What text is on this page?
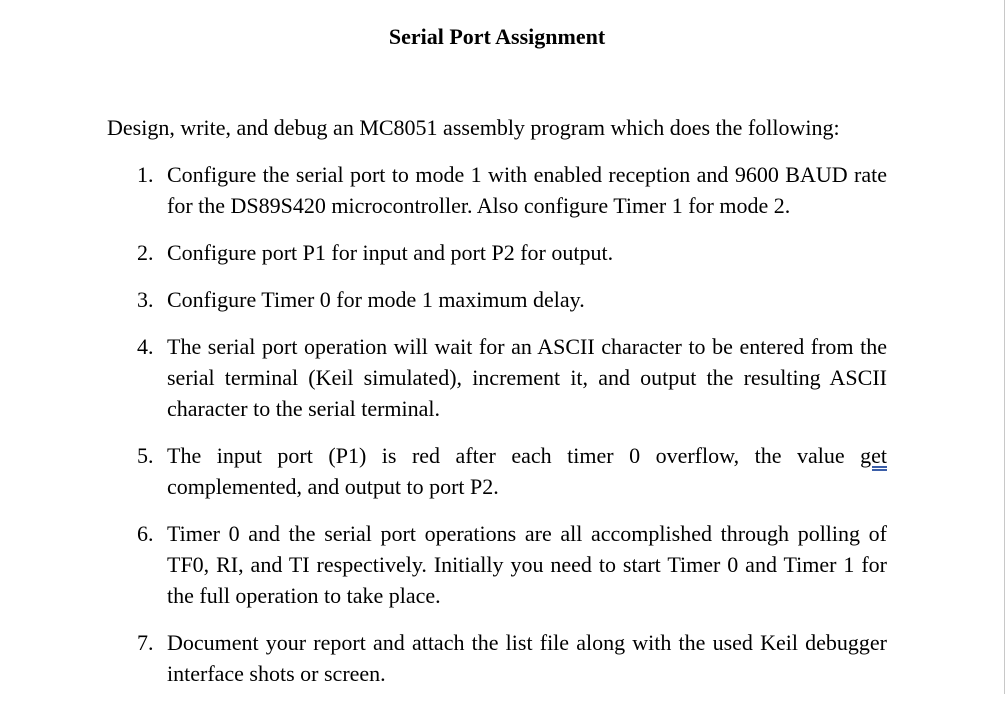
Serial Port Assignment

Design, write, and debug an MC8051 assembly program which does the following:

1. Configure the serial port to mode 1 with enabled reception and 9600 BAUD rate for the DS89S420 microcontroller. Also configure Timer 1 for mode 2.
2. Configure port P1 for input and port P2 for output.
3. Configure Timer 0 for mode 1 maximum delay.
4. The serial port operation will wait for an ASCII character to be entered from the serial terminal (Keil simulated), increment it, and output the resulting ASCII character to the serial terminal.
5. The input port (P1) is red after each timer 0 overflow, the value get complemented, and output to port P2.
6. Timer 0 and the serial port operations are all accomplished through polling of TF0, RI, and TI respectively. Initially you need to start Timer 0 and Timer 1 for the full operation to take place.
7. Document your report and attach the list file along with the used Keil debugger interface shots or screen.
